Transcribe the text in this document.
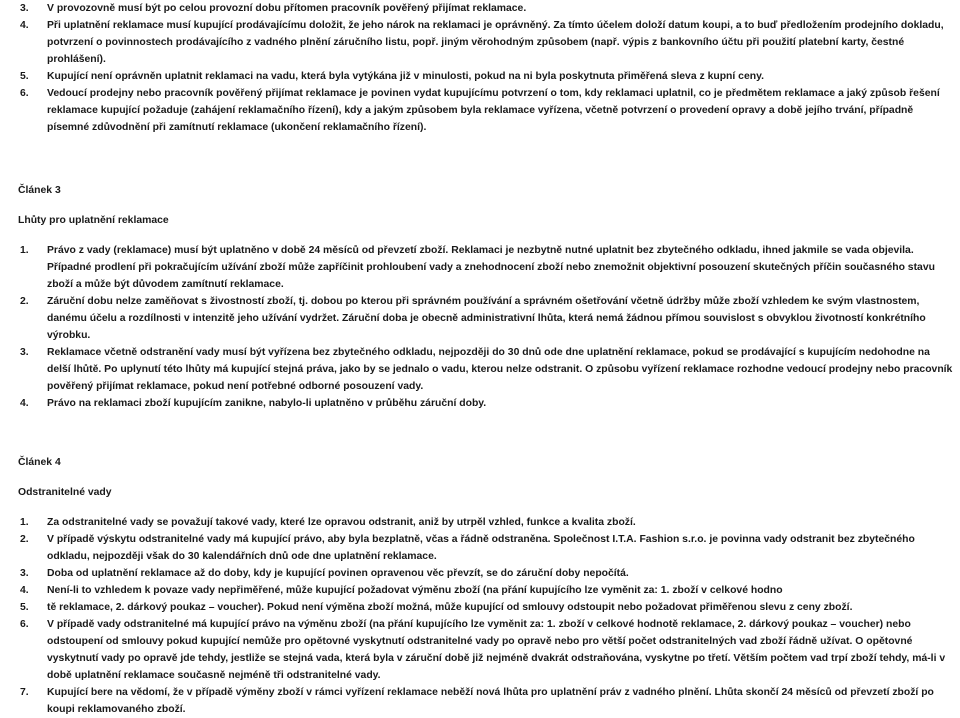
3. V provozovně musí být po celou provozní dobu přítomen pracovník pověřený přijímat reklamace.
4. Při uplatnění reklamace musí kupující prodávajícímu doložit, že jeho nárok na reklamaci je oprávněný. Za tímto účelem doloží datum koupi, a to buď předložením prodejního dokladu, potvrzení o povinnostech prodávajícího z vadného plnění záručního listu, popř. jiným věrohodným způsobem (např. výpis z bankovního účtu při použití platební karty, čestné prohlášení).
5. Kupující není oprávněn uplatnit reklamaci na vadu, která byla vytýkána již v minulosti, pokud na ni byla poskytnuta přiměřená sleva z kupní ceny.
6. Vedoucí prodejny nebo pracovník pověřený přijímat reklamace je povinen vydat kupujícímu potvrzení o tom, kdy reklamaci uplatnil, co je předmětem reklamace a jaký způsob řešení reklamace kupující požaduje (zahájení reklamačního řízení), kdy a jakým způsobem byla reklamace vyřízena, včetně potvrzení o provedení opravy a době jejího trvání, případně písemné zdůvodnění při zamítnutí reklamace (ukončení reklamačního řízení).

Článek 3

Lhůty pro uplatnění reklamace

1. Právo z vady (reklamace) musí být uplatněno v době 24 měsíců od převzetí zboží. Reklamaci je nezbytně nutné uplatnit bez zbytečného odkladu, ihned jakmile se vada objevila. Případné prodlení při pokračujícím užívání zboží může zapříčinit prohloubení vady a znehodnocení zboží nebo znemožnit objektivní posouzení skutečných příčin současného stavu zboží a může být důvodem zamítnutí reklamace.
2. Záruční dobu nelze zaměňovat s živostností zboží, tj. dobou po kterou při správném používání a správném ošetřování včetně údržby může zboží vzhledem ke svým vlastnostem, danému účelu a rozdílnosti v intenzitě jeho užívání vydržet. Záruční doba je obecně administrativní lhůta, která nemá žádnou přímou souvislost s obvyklou životností konkrétního výrobku.
3. Reklamace včetně odstranění vady musí být vyřízena bez zbytečného odkladu, nejpozději do 30 dnů ode dne uplatnění reklamace, pokud se prodávající s kupujícím nedohodne na delší lhůtě. Po uplynutí této lhůty má kupující stejná práva, jako by se jednalo o vadu, kterou nelze odstranit. O způsobu vyřízení reklamace rozhodne vedoucí prodejny nebo pracovník pověřený přijímat reklamace, pokud není potřebné odborné posouzení vady.
4. Právo na reklamaci zboží kupujícím zanikne, nabylo-li uplatněno v průběhu záruční doby.

Článek 4

Odstranitelné vady

1. Za odstranitelné vady se považují takové vady, které lze opravou odstranit, aniž by utrpěl vzhled, funkce a kvalita zboží.
2. V případě výskytu odstranitelné vady má kupující právo, aby byla bezplatně, včas a řádně odstraněna. Společnost I.T.A. Fashion s.r.o. je povinna vady odstranit bez zbytečného odkladu, nejpozději však do 30 kalendářních dnů ode dne uplatnění reklamace.
3. Doba od uplatnění reklamace až do doby, kdy je kupující povinen opravenou věc převzít, se do záruční doby nepočítá.
4. Není-li to vzhledem k povaze vady nepřiměřené, může kupující požadovat výměnu zboží (na přání kupujícího lze vyměnit za: 1. zboží v celkové hodno
5. tě reklamace, 2. dárkový poukaz – voucher). Pokud není výměna zboží možná, může kupující od smlouvy odstoupit nebo požadovat přiměřenou slevu z ceny zboží.
6. V případě vady odstranitelné má kupující právo na výměnu zboží (na přání kupujícího lze vyměnit za: 1. zboží v celkové hodnotě reklamace, 2. dárkový poukaz – voucher) nebo odstoupení od smlouvy pokud kupující nemůže pro opětovné vyskytnutí odstranitelné vady po opravě nebo pro větší počet odstranitelných vad zboží řádně užívat. O opětovné vyskytnutí vady po opravě jde tehdy, jestliže se stejná vada, která byla v záruční době již nejméně dvakrát odstraňována, vyskytne po třetí. Větším počtem vad trpí zboží tehdy, má-li v době uplatnění reklamace současně nejméně tři odstranitelné vady.
7. Kupující bere na vědomí, že v případě výměny zboží v rámci vyřízení reklamace neběží nová lhůta pro uplatnění práv z vadného plnění. Lhůta skončí 24 měsíců od převzetí zboží po koupi reklamovaného zboží.
